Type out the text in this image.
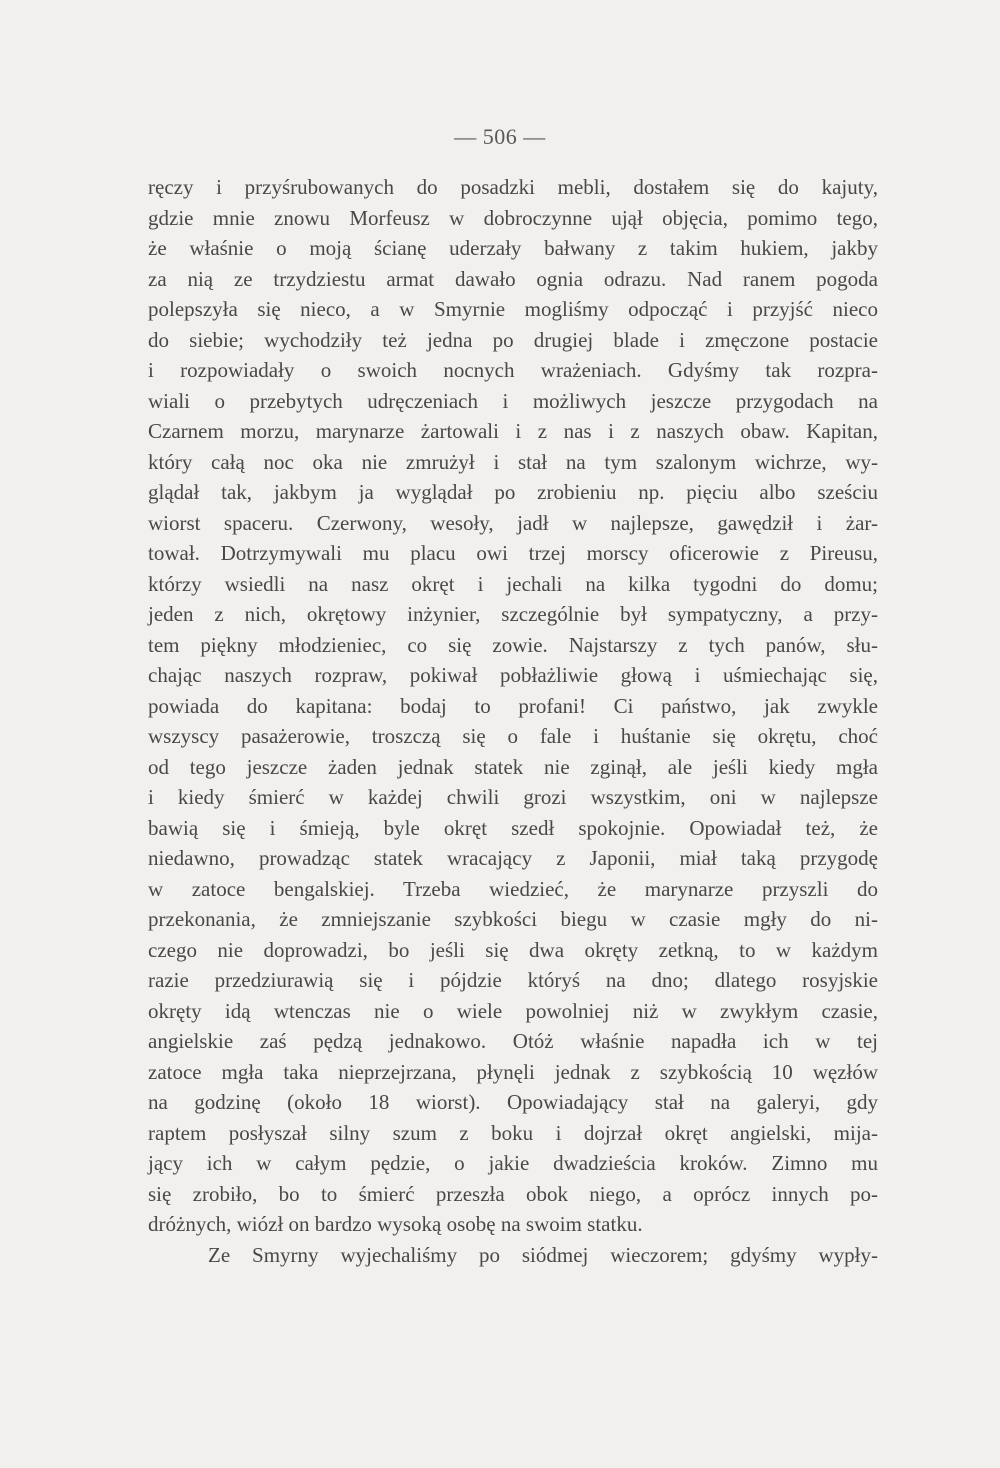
— 506 —
ręczy i przyśrubowanych do posadzki mebli, dostałem się do kajuty,
gdzie mnie znowu Morfeusz w dobroczynne ujął objęcia, pomimo tego,
że właśnie o moją ścianę uderzały bałwany z takim hukiem, jakby
za nią ze trzydziestu armat dawało ognia odrazu. Nad ranem pogoda
polepszyła się nieco, a w Smyrnie mogliśmy odpocząć i przyjść nieco
do siebie; wychodziły też jedna po drugiej blade i zmęczone postacie
i rozpowiadały o swoich nocnych wrażeniach. Gdyśmy tak rozpra-
wiali o przebytych udręczeniach i możliwych jeszcze przygodach na
Czarnem morzu, marynarze żartowali i z nas i z naszych obaw. Kapitan,
który całą noc oka nie zmrużył i stał na tym szalonym wichrze, wy-
glądał tak, jakbym ja wyglądał po zrobieniu np. pięciu albo sześciu
wiorst spaceru. Czerwony, wesoły, jadł w najlepsze, gawędził i żar-
tował. Dotrzymywali mu placu owi trzej morscy oficerowie z Pireusu,
którzy wsiedli na nasz okręt i jechali na kilka tygodni do domu;
jeden z nich, okrętowy inżynier, szczególnie był sympatyczny, a przy-
tem piękny młodzieniec, co się zowie. Najstarszy z tych panów, słu-
chając naszych rozpraw, pokiwał pobłażliwie głową i uśmiechając się,
powiada do kapitana: bodaj to profani! Ci państwo, jak zwykle
wszyscy pasażerowie, troszczą się o fale i huśtanie się okrętu, choć
od tego jeszcze żaden jednak statek nie zginął, ale jeśli kiedy mgła
i kiedy śmierć w każdej chwili grozi wszystkim, oni w najlepsze
bawią się i śmieją, byle okręt szedł spokojnie. Opowiadał też, że
niedawno, prowadząc statek wracający z Japonii, miał taką przygodę
w zatoce bengalskiej. Trzeba wiedzieć, że marynarze przyszli do
przekonania, że zmniejszanie szybkości biegu w czasie mgły do ni-
czego nie doprowadzi, bo jeśli się dwa okręty zetkną, to w każdym
razie przedziurawią się i pójdzie któryś na dno; dlatego rosyjskie
okręty idą wtenczas nie o wiele powolniej niż w zwykłym czasie,
angielskie zaś pędzą jednakowo. Otóż właśnie napadła ich w tej
zatoce mgła taka nieprzejrzana, płynęli jednak z szybkością 10 węzłów
na godzinę (około 18 wiorst). Opowiadający stał na galeryi, gdy
raptem posłyszał silny szum z boku i dojrzał okręt angielski, mija-
jący ich w całym pędzie, o jakie dwadzieścia kroków. Zimno mu
się zrobiło, bo to śmierć przeszła obok niego, a oprócz innych po-
dróżnych, wiózł on bardzo wysoką osobę na swoim statku.
Ze Smyrny wyjechaliśmy po siódmej wieczorem; gdyśmy wypły-
